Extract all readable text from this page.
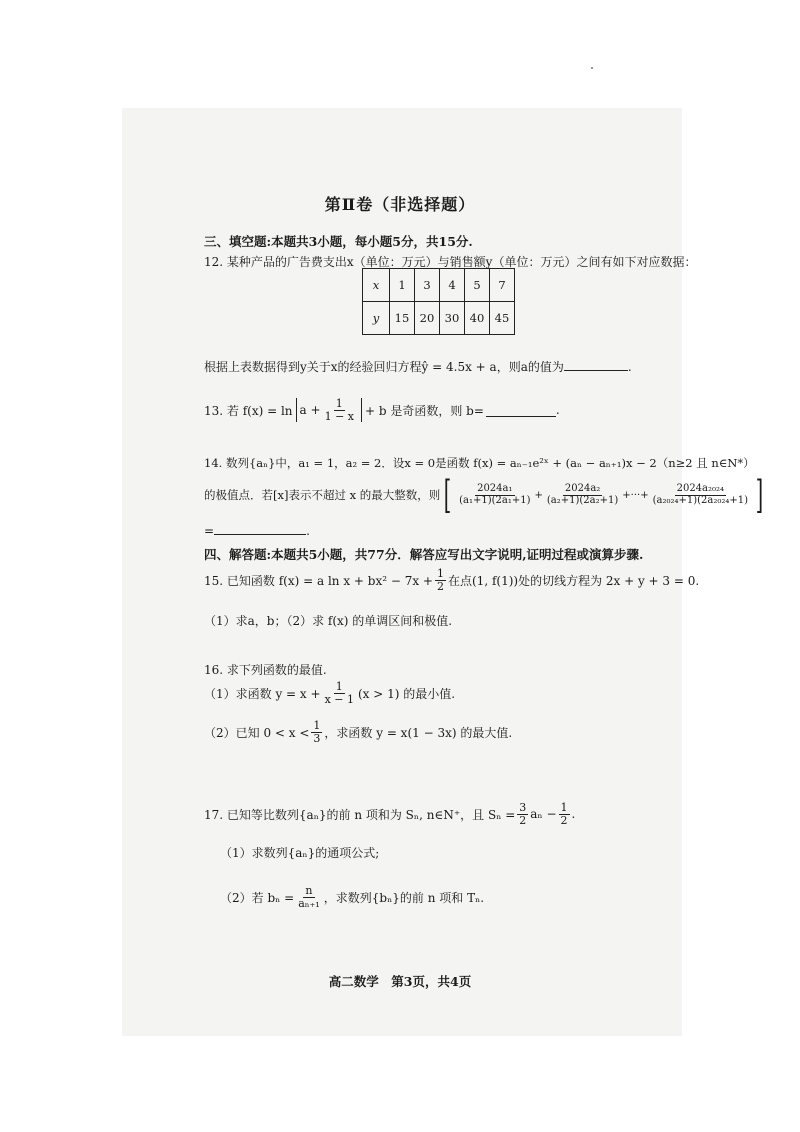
第Ⅱ卷（非选择题）
三、填空题:本题共3小题，每小题5分，共15分.
12. 某种产品的广告费支出x（单位：万元）与销售额y（单位：万元）之间有如下对应数据：
x	1	3	4	5	7
y	15	20	30	40	45
根据上表数据得到y关于x的经验回归方程ŷ = 4.5x + a，则a的值为	.
13. 若 $f(x) = \ln a + \frac{1}{1 - x} + b$ 是奇函数，则 b=	.
14. 数列{aₙ}中，a₁ = 1，a₂ = 2．设x = 0是函数 f(x) = aₙ₋₁e²ˣ + (aₙ − aₙ₊₁)x − 2（n≥2 且 n∈N*）
的极值点．若[x]表示不超过 x 的最大整数，则 [ $\frac{\text{2024a₁}}{\text{(a₁+1)(2a₁+1)}} + \frac{\text{2024a₂}}{\text{(a₂+1)(2a₂+1)}}$ +···+ $\frac{\text{2024a₂₀₂₄}}{\text{(a₂₀₂₄+1)(2a₂₀₂₄+1)}}$ ]
=	.
四、解答题:本题共5小题，共77分．解答应写出文字说明,证明过程或演算步骤.
15. 已知函数 f(x) = a $\ln x + bx^2 - 7x + \frac{1}{2}$ 在点(1, f(1))处的切线方程为 2x + y + 3 = 0.
（1）求a，b；（2）求 f(x) 的单调区间和极值.
16. 求下列函数的最值.
（1）求函数 $y = x + \frac{1}{x - 1} (x > 1)$ 的最小值.
（2）已知 $0 < x < \frac{1}{3}$ ，求函数 y = x(1 − 3x) 的最大值.
17. 已知等比数列{aₙ}的前 n 项和为 Sₙ, n∈N⁺，且 $S_n = \frac{3}{2}$ $a_n - \frac{1}{2}$ .
（1）求数列{aₙ}的通项公式;
（2）若 $b_n = \frac{n}{\text{aₙ₊₁}}$ ，求数列{bₙ}的前 n 项和 Tₙ.
高二数学　第3页，共4页
